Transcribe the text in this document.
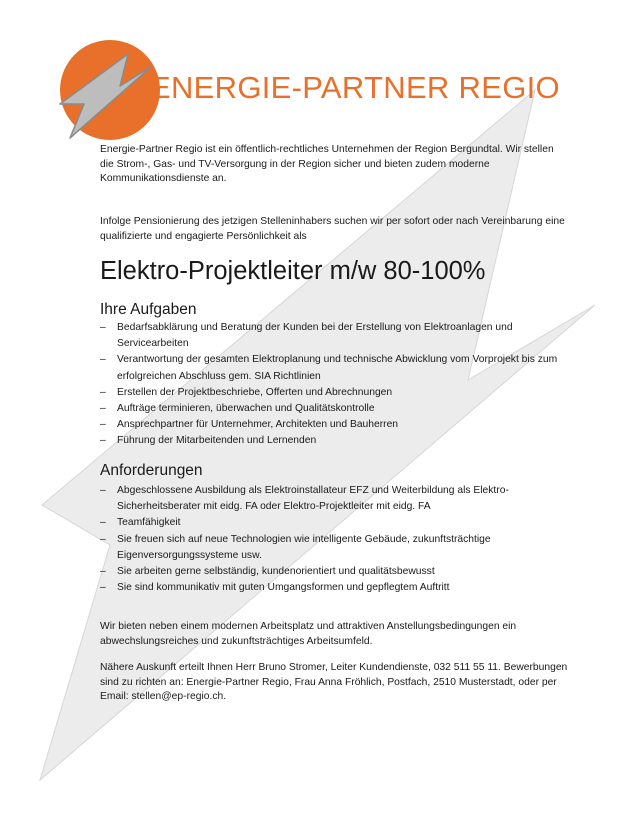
ENERGIE-PARTNER REGIO
Energie-Partner Regio ist ein öffentlich-rechtliches Unternehmen der Region Bergundtal. Wir stellen die Strom-, Gas- und TV-Versorgung in der Region sicher und bieten zudem moderne Kommunikationsdienste an.
Infolge Pensionierung des jetzigen Stelleninhabers suchen wir per sofort oder nach Vereinbarung eine qualifizierte und engagierte Persönlichkeit als
Elektro-Projektleiter m/w 80-100%
Ihre Aufgaben
– Bedarfsabklärung und Beratung der Kunden bei der Erstellung von Elektroanlagen und Servicearbeiten
– Verantwortung der gesamten Elektroplanung und technische Abwicklung vom Vorprojekt bis zum erfolgreichen Abschluss gem. SIA Richtlinien
– Erstellen der Projektbeschriebe, Offerten und Abrechnungen
– Aufträge terminieren, überwachen und Qualitätskontrolle
– Ansprechpartner für Unternehmer, Architekten und Bauherren
– Führung der Mitarbeitenden und Lernenden
Anforderungen
– Abgeschlossene Ausbildung als Elektroinstallateur EFZ und Weiterbildung als Elektro-Sicherheitsberater mit eidg. FA oder Elektro-Projektleiter mit eidg. FA
– Teamfähigkeit
– Sie freuen sich auf neue Technologien wie intelligente Gebäude, zukunftsträchtige Eigenversorgungssysteme usw.
– Sie arbeiten gerne selbständig, kundenorientiert und qualitätsbewusst
– Sie sind kommunikativ mit guten Umgangsformen und gepflegtem Auftritt
Wir bieten neben einem modernen Arbeitsplatz und attraktiven Anstellungsbedingungen ein abwechslungsreiches und zukunftsträchtiges Arbeitsumfeld.
Nähere Auskunft erteilt Ihnen Herr Bruno Stromer, Leiter Kundendienste, 032 511 55 11. Bewerbungen sind zu richten an: Energie-Partner Regio, Frau Anna Fröhlich, Postfach, 2510 Musterstadt, oder per Email: stellen@ep-regio.ch.
